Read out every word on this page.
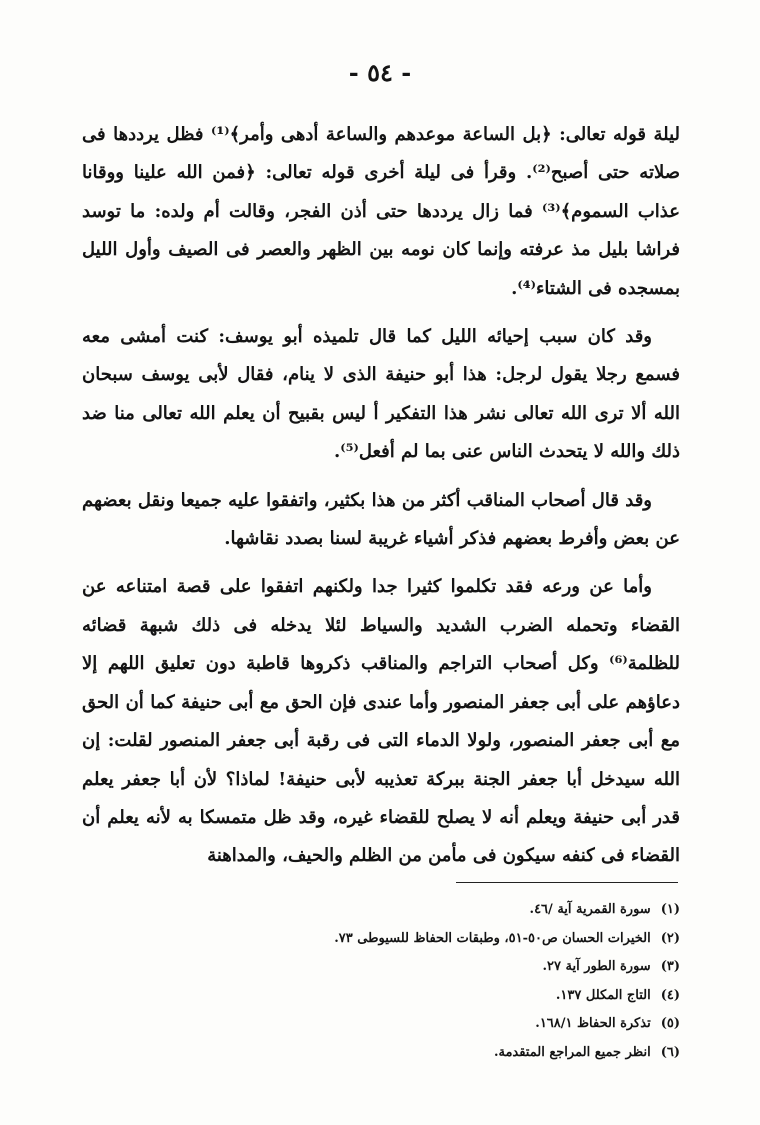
- ٥٤ -

ليلة قوله تعالى: ﴿بل الساعة موعدهم والساعة أدهى وأمر﴾⁽¹⁾ فظل يرددها فى صلاته حتى أصبح⁽²⁾. وقرأ فى ليلة أخرى قوله تعالى: ﴿فمن الله علينا ووقانا عذاب السموم﴾⁽³⁾ فما زال يرددها حتى أذن الفجر، وقالت أم ولده: ما توسد فراشا بليل مذ عرفته وإنما كان نومه بين الظهر والعصر فى الصيف وأول الليل بمسجده فى الشتاء⁽⁴⁾.

وقد كان سبب إحيائه الليل كما قال تلميذه أبو يوسف: كنت أمشى معه فسمع رجلا يقول لرجل: هذا أبو حنيفة الذى لا ينام، فقال لأبى يوسف سبحان الله ألا ترى الله تعالى نشر هذا التفكير أ ليس بقبيح أن يعلم الله تعالى منا ضد ذلك والله لا يتحدث الناس عنى بما لم أفعل⁽⁵⁾.

وقد قال أصحاب المناقب أكثر من هذا بكثير، واتفقوا عليه جميعا ونقل بعضهم عن بعض وأفرط بعضهم فذكر أشياء غريبة لسنا بصدد نقاشها.

وأما عن ورعه فقد تكلموا كثيرا جدا ولكنهم اتفقوا على قصة امتناعه عن القضاء وتحمله الضرب الشديد والسياط لئلا يدخله فى ذلك شبهة قضائه للظلمة⁽⁶⁾ وكل أصحاب التراجم والمناقب ذكروها قاطبة دون تعليق اللهم إلا دعاؤهم على أبى جعفر المنصور وأما عندى فإن الحق مع أبى حنيفة كما أن الحق مع أبى جعفر المنصور، ولولا الدماء التى فى رقبة أبى جعفر المنصور لقلت: إن الله سيدخل أبا جعفر الجنة ببركة تعذيبه لأبى حنيفة! لماذا؟ لأن أبا جعفر يعلم قدر أبى حنيفة ويعلم أنه لا يصلح للقضاء غيره، وقد ظل متمسكا به لأنه يعلم أن القضاء فى كنفه سيكون فى مأمن من الظلم والحيف، والمداهنة

(١)سورة القمرية آية /٤٦.
(٢)الخيرات الحسان ص٥٠-٥١، وطبقات الحفاظ للسيوطى ٧٣.
(٣)سورة الطور آية ٢٧.
(٤)التاج المكلل ١٣٧.
(٥)تذكرة الحفاظ ١٦٨/١.
(٦)انظر جميع المراجع المتقدمة.
